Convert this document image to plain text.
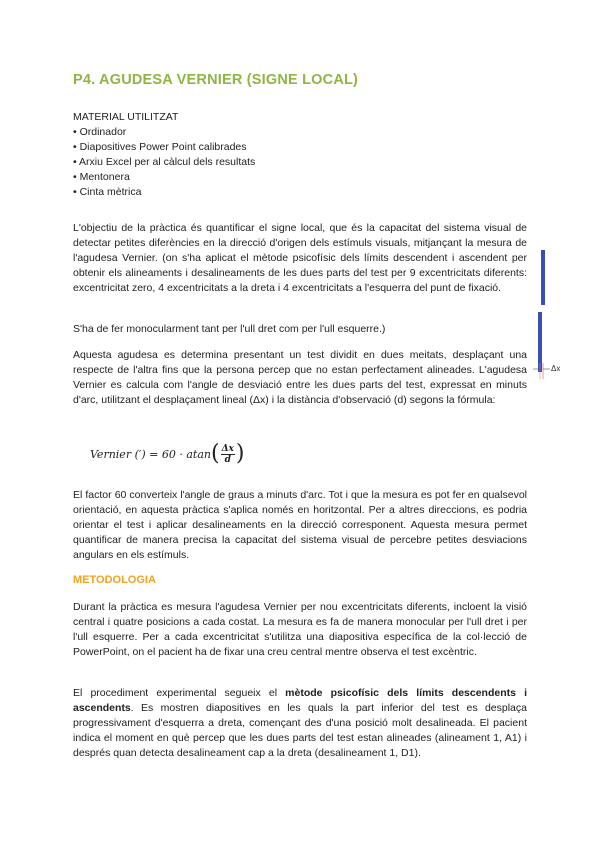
P4. AGUDESA VERNIER (SIGNE LOCAL)
MATERIAL UTILITZAT
• Ordinador
• Diapositives Power Point calibrades
• Arxiu Excel per al càlcul dels resultats
• Mentonera
• Cinta mètrica

L'objectiu de la pràctica és quantificar el signe local, que és la capacitat del sistema visual de detectar petites diferències en la direcció d'origen dels estímuls visuals, mitjançant la mesura de l'agudesa Vernier. (on s'ha aplicat el mètode psicofísic dels límits descendent i ascendent per obtenir els alineaments i desalineaments de les dues parts del test per 9 excentricitats diferents: excentricitat zero, 4 excentricitats a la dreta i 4 excentricitats a l'esquerra del punt de fixació.

S'ha de fer monocularment tant per l'ull dret com per l'ull esquerre.)

Aquesta agudesa es determina presentant un test dividit en dues meitats, desplaçant una respecte de l'altra fins que la persona percep que no estan perfectament alineades. L'agudesa Vernier es calcula com l'angle de desviació entre les dues parts del test, expressat en minuts d'arc, utilitzant el desplaçament lineal (Δx) i la distància d'observació (d) segons la fórmula:

Vernier (′) = 60 · atan ( $\frac{\Delta x}{d}$ )

El factor 60 converteix l'angle de graus a minuts d'arc. Tot i que la mesura es pot fer en qualsevol orientació, en aquesta pràctica s'aplica només en horitzontal. Per a altres direccions, es podria orientar el test i aplicar desalineaments en la direcció corresponent. Aquesta mesura permet quantificar de manera precisa la capacitat del sistema visual de percebre petites desviacions angulars en els estímuls.

METODOLOGIA

Durant la pràctica es mesura l'agudesa Vernier per nou excentricitats diferents, incloent la visió central i quatre posicions a cada costat. La mesura es fa de manera monocular per l'ull dret i per l'ull esquerre. Per a cada excentricitat s'utilitza una diapositiva específica de la col·lecció de PowerPoint, on el pacient ha de fixar una creu central mentre observa el test excèntric.

El procediment experimental segueix el mètode psicofísic dels límits descendents i ascendents. Es mostren diapositives en les quals la part inferior del test es desplaça progressivament d'esquerra a dreta, començant des d'una posició molt desalineada. El pacient indica el moment en què percep que les dues parts del test estan alineades (alineament 1, A1) i després quan detecta desalineament cap a la dreta (desalineament 1, D1).

Δx
